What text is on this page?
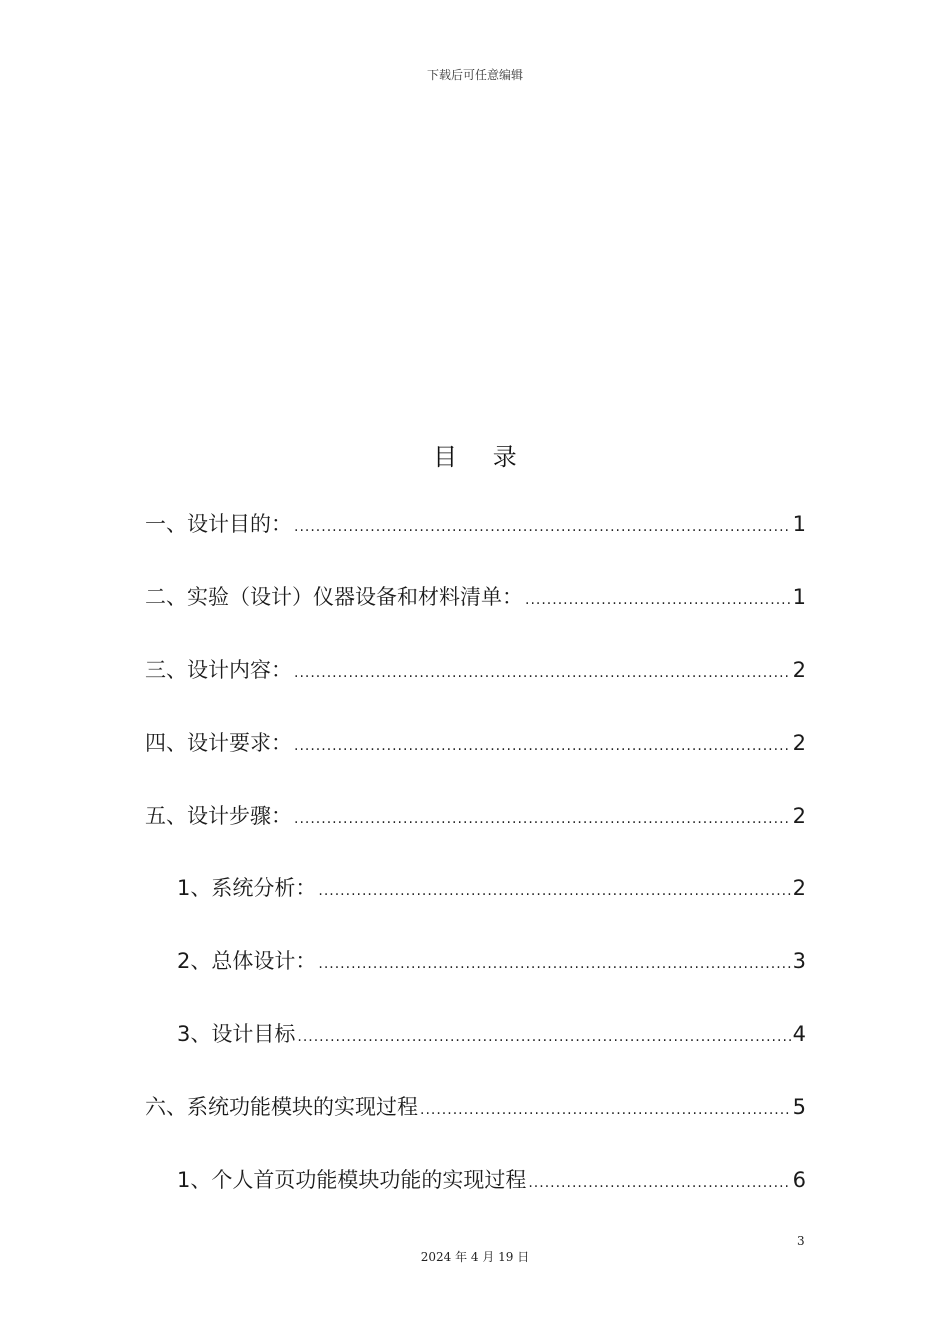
下载后可任意编辑
目 录
一、设计目的： .....	1
二、实验（设计）仪器设备和材料清单： .....	1
三、设计内容： .....	2
四、设计要求： .....	2
五、设计步骤： .....	2
1、系统分析： .....	2
2、总体设计： .....	3
3、设计目标 .....	4
六、系统功能模块的实现过程 .....	5
1、个人首页功能模块功能的实现过程 .....	6
3
2024 年 4 月 19 日
